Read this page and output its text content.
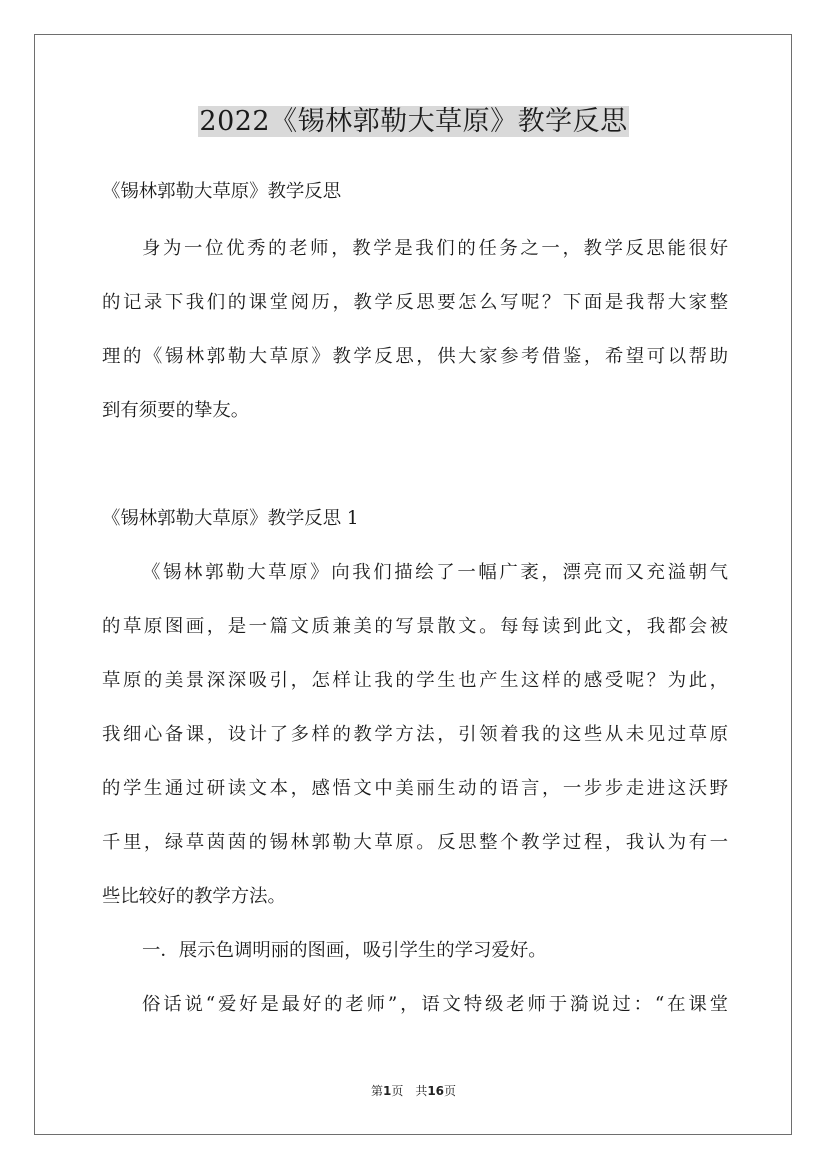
2022《锡林郭勒大草原》教学反思
《锡林郭勒大草原》教学反思
身为一位优秀的老师，教学是我们的任务之一，教学反思能很好
的记录下我们的课堂阅历，教学反思要怎么写呢？下面是我帮大家整
理的《锡林郭勒大草原》教学反思，供大家参考借鉴，希望可以帮助
到有须要的挚友。
《锡林郭勒大草原》教学反思 1
《锡林郭勒大草原》向我们描绘了一幅广袤，漂亮而又充溢朝气
的草原图画，是一篇文质兼美的写景散文。每每读到此文，我都会被
草原的美景深深吸引，怎样让我的学生也产生这样的感受呢？为此，
我细心备课，设计了多样的教学方法，引领着我的这些从未见过草原
的学生通过研读文本，感悟文中美丽生动的语言，一步步走进这沃野
千里，绿草茵茵的锡林郭勒大草原。反思整个教学过程，我认为有一
些比较好的教学方法。
一．展示色调明丽的图画，吸引学生的学习爱好。
俗话说“爱好是最好的老师”，语文特级老师于漪说过：“在课堂
第1页　共16页
